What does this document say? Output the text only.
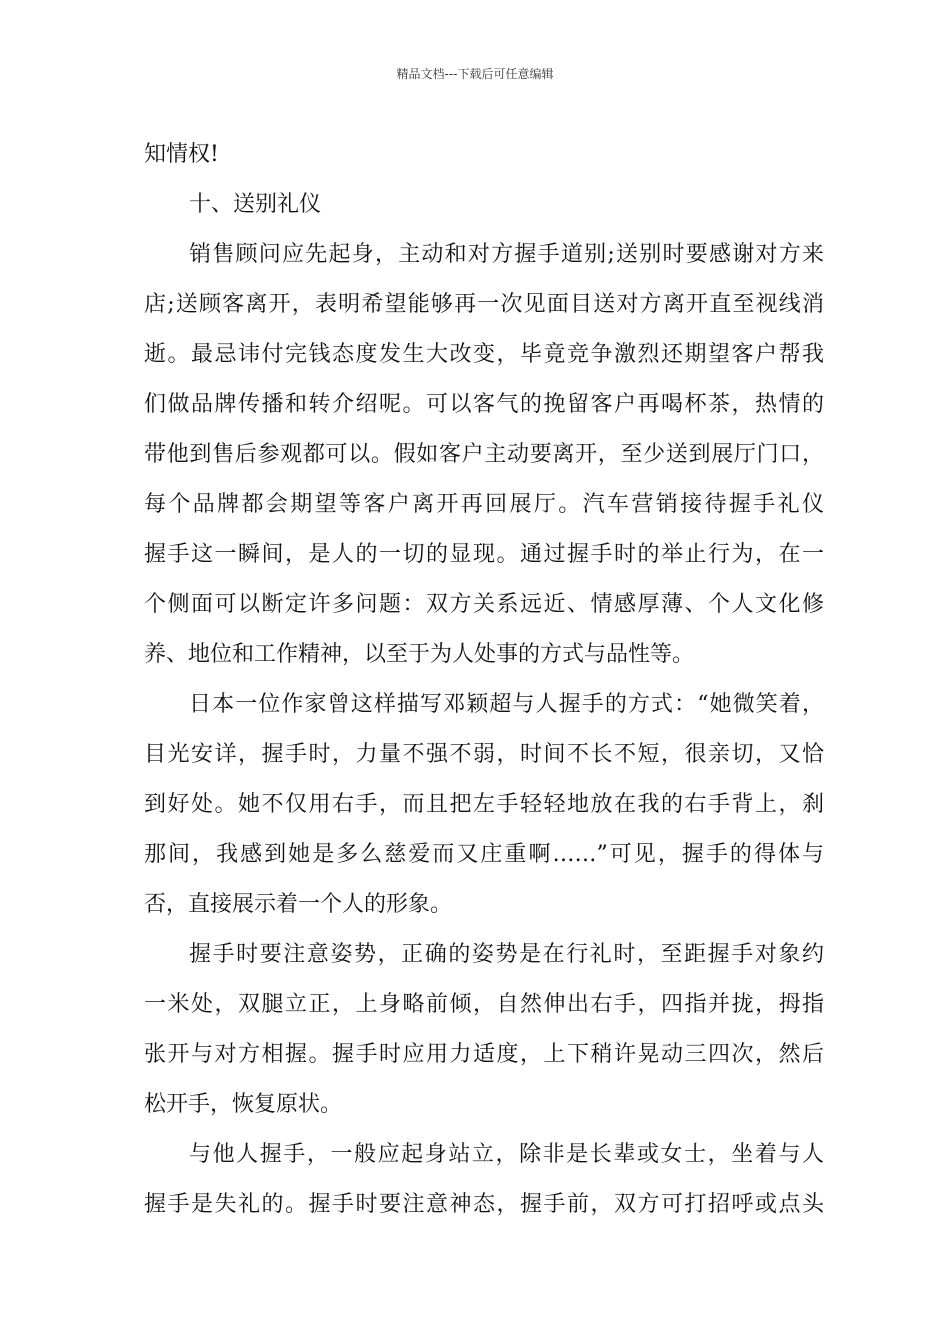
精品文档---下载后可任意编辑
知情权!
十、送别礼仪
销售顾问应先起身，主动和对方握手道别;送别时要感谢对方来
店;送顾客离开，表明希望能够再一次见面目送对方离开直至视线消
逝。最忌讳付完钱态度发生大改变，毕竟竞争激烈还期望客户帮我
们做品牌传播和转介绍呢。可以客气的挽留客户再喝杯茶，热情的
带他到售后参观都可以。假如客户主动要离开，至少送到展厅门口，
每个品牌都会期望等客户离开再回展厅。汽车营销接待握手礼仪
握手这一瞬间，是人的一切的显现。通过握手时的举止行为，在一
个侧面可以断定许多问题：双方关系远近、情感厚薄、个人文化修
养、地位和工作精神，以至于为人处事的方式与品性等。
日本一位作家曾这样描写邓颖超与人握手的方式：“她微笑着，
目光安详，握手时，力量不强不弱，时间不长不短，很亲切，又恰
到好处。她不仅用右手，而且把左手轻轻地放在我的右手背上，刹
那间，我感到她是多么慈爱而又庄重啊……”可见，握手的得体与
否，直接展示着一个人的形象。
握手时要注意姿势，正确的姿势是在行礼时，至距握手对象约
一米处，双腿立正，上身略前倾，自然伸出右手，四指并拢，拇指
张开与对方相握。握手时应用力适度，上下稍许晃动三四次，然后
松开手，恢复原状。
与他人握手，一般应起身站立，除非是长辈或女士，坐着与人
握手是失礼的。握手时要注意神态，握手前，双方可打招呼或点头
